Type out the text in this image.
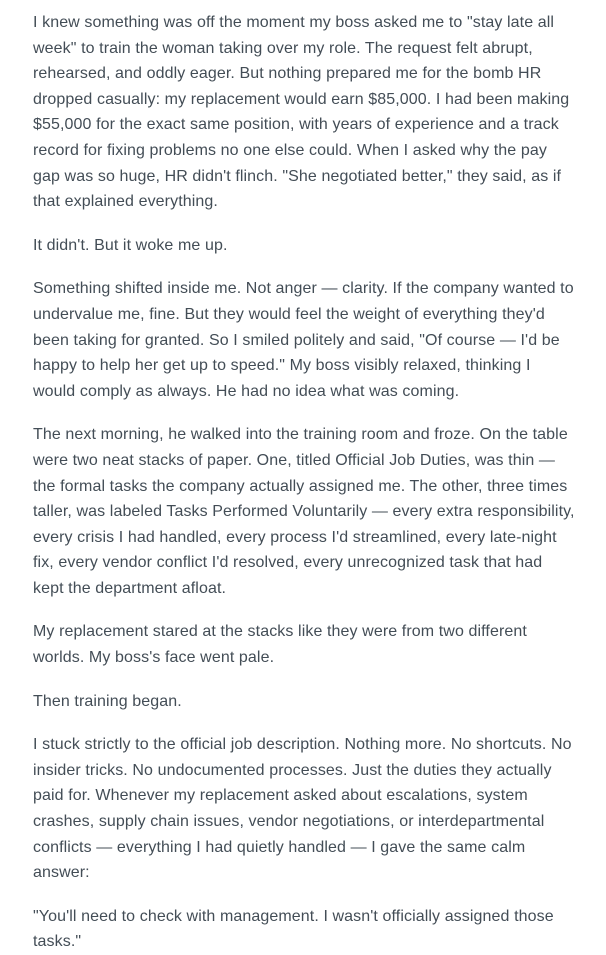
I knew something was off the moment my boss asked me to "stay late all week" to train the woman taking over my role. The request felt abrupt, rehearsed, and oddly eager. But nothing prepared me for the bomb HR dropped casually: my replacement would earn $85,000. I had been making $55,000 for the exact same position, with years of experience and a track record for fixing problems no one else could. When I asked why the pay gap was so huge, HR didn't flinch. "She negotiated better," they said, as if that explained everything.

It didn't. But it woke me up.

Something shifted inside me. Not anger — clarity. If the company wanted to undervalue me, fine. But they would feel the weight of everything they'd been taking for granted. So I smiled politely and said, "Of course — I'd be happy to help her get up to speed." My boss visibly relaxed, thinking I would comply as always. He had no idea what was coming.

The next morning, he walked into the training room and froze. On the table were two neat stacks of paper. One, titled Official Job Duties, was thin — the formal tasks the company actually assigned me. The other, three times taller, was labeled Tasks Performed Voluntarily — every extra responsibility, every crisis I had handled, every process I'd streamlined, every late-night fix, every vendor conflict I'd resolved, every unrecognized task that had kept the department afloat.

My replacement stared at the stacks like they were from two different worlds. My boss's face went pale.

Then training began.

I stuck strictly to the official job description. Nothing more. No shortcuts. No insider tricks. No undocumented processes. Just the duties they actually paid for. Whenever my replacement asked about escalations, system crashes, supply chain issues, vendor negotiations, or interdepartmental conflicts — everything I had quietly handled — I gave the same calm answer:

"You'll need to check with management. I wasn't officially assigned those tasks."
